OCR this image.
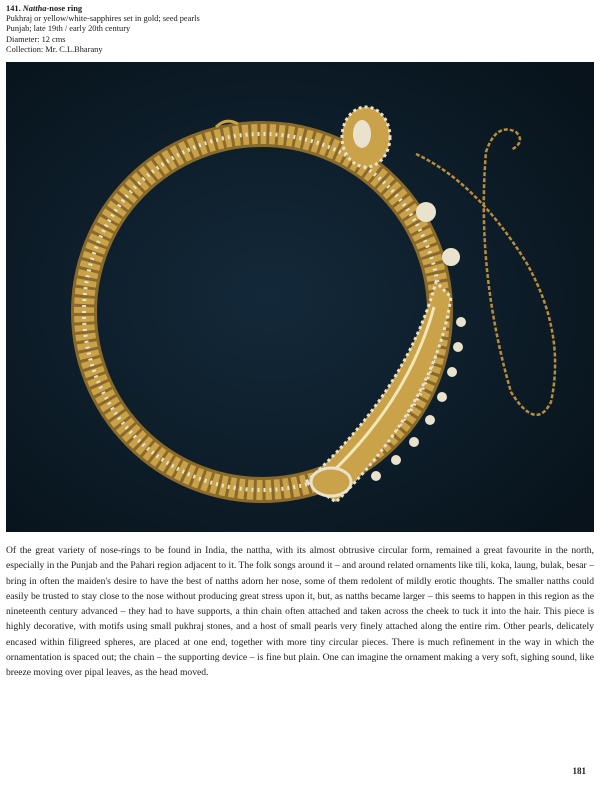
141. Nattha-nose ring
Pukhraj or yellow/white-sapphires set in gold; seed pearls
Punjab; late 19th / early 20th century
Diameter: 12 cms
Collection: Mr. C.L.Bharany

Of the great variety of nose-rings to be found in India, the nattha, with its almost obtrusive circular form, remained a great favourite in the north, especially in the Punjab and the Pahari region adjacent to it. The folk songs around it – and around related ornaments like tili, koka, laung, bulak, besar – bring in often the maiden's desire to have the best of natths adorn her nose, some of them redolent of mildly erotic thoughts. The smaller natths could easily be trusted to stay close to the nose without producing great stress upon it, but, as natths became larger – this seems to happen in this region as the nineteenth century advanced – they had to have supports, a thin chain often attached and taken across the cheek to tuck it into the hair. This piece is highly decorative, with motifs using small pukhraj stones, and a host of small pearls very finely attached along the entire rim. Other pearls, delicately encased within filigreed spheres, are placed at one end, together with more tiny circular pieces. There is much refinement in the way in which the ornamentation is spaced out; the chain – the supporting device – is fine but plain. One can imagine the ornament making a very soft, sighing sound, like breeze moving over pipal leaves, as the head moved.

181
